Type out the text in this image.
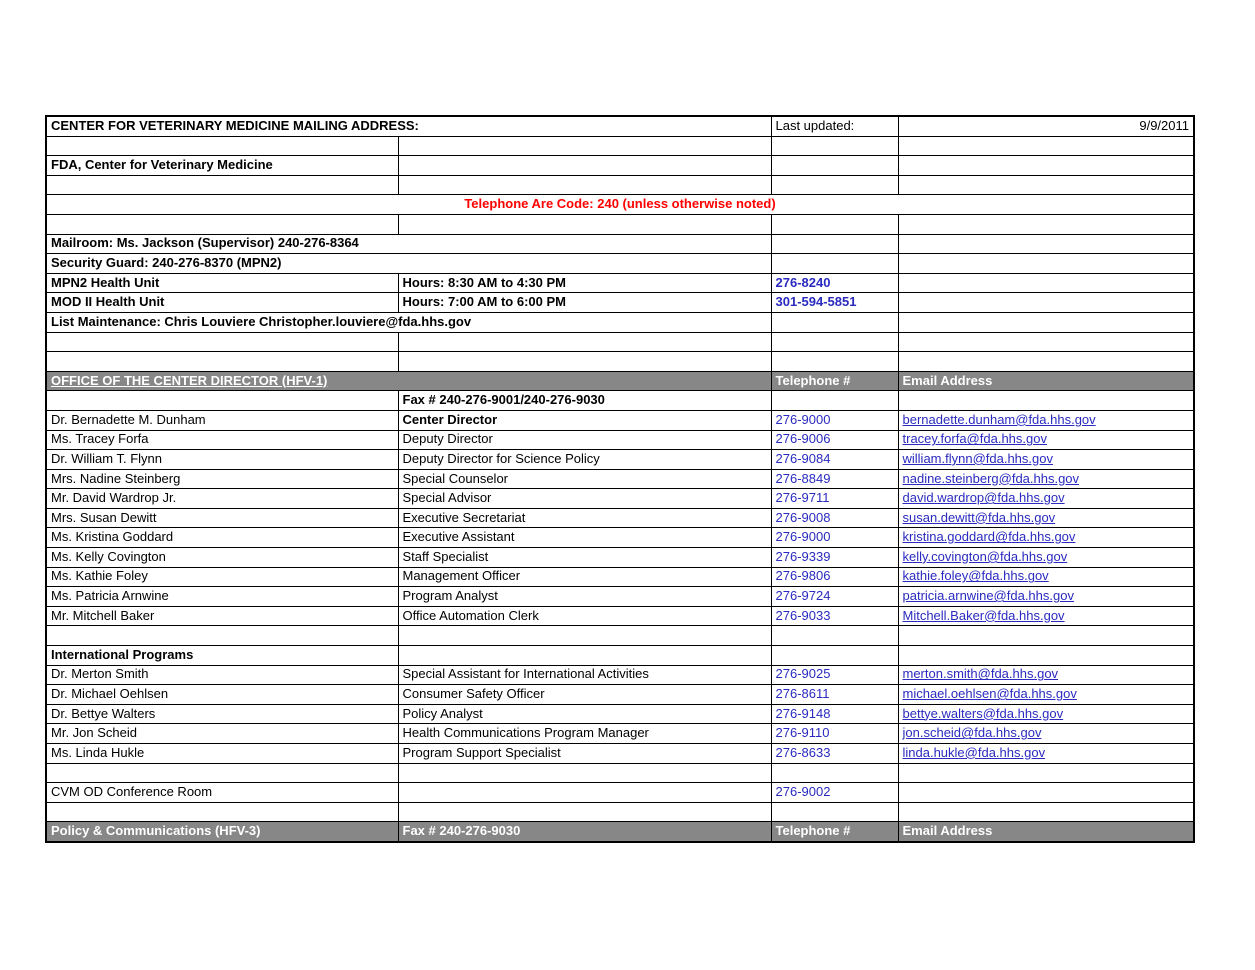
CENTER FOR VETERINARY MEDICINE MAILING ADDRESS:		Last updated:	9/9/2011

FDA, Center for Veterinary Medicine			

Telephone Are Code: 240 (unless otherwise noted)			

Mailroom: Ms. Jackson (Supervisor) 240-276-8364			
Security Guard: 240-276-8370 (MPN2)			
MPN2 Health Unit	Hours: 8:30 AM to 4:30 PM	276-8240	
MOD II Health Unit	Hours: 7:00 AM to 6:00 PM	301-594-5851	
List Maintenance: Chris Louviere Christopher.louviere@fda.hhs.gov			

OFFICE OF THE CENTER DIRECTOR (HFV-1)		Telephone #	Email Address
	Fax # 240-276-9001/240-276-9030		
Dr. Bernadette M. Dunham	Center Director	276-9000	bernadette.dunham@fda.hhs.gov
Ms. Tracey Forfa	Deputy Director	276-9006	tracey.forfa@fda.hhs.gov
Dr. William T. Flynn	Deputy Director for Science Policy	276-9084	william.flynn@fda.hhs.gov
Mrs. Nadine Steinberg	Special Counselor	276-8849	nadine.steinberg@fda.hhs.gov
Mr. David Wardrop Jr.	Special Advisor	276-9711	david.wardrop@fda.hhs.gov
Mrs. Susan Dewitt	Executive Secretariat	276-9008	susan.dewitt@fda.hhs.gov
Ms. Kristina Goddard	Executive Assistant	276-9000	kristina.goddard@fda.hhs.gov
Ms. Kelly Covington	Staff Specialist	276-9339	kelly.covington@fda.hhs.gov
Ms. Kathie Foley	Management Officer	276-9806	kathie.foley@fda.hhs.gov
Ms. Patricia Arnwine	Program Analyst	276-9724	patricia.arnwine@fda.hhs.gov
Mr. Mitchell Baker	Office Automation Clerk	276-9033	Mitchell.Baker@fda.hhs.gov

International Programs			
Dr. Merton Smith	Special Assistant for International Activities	276-9025	merton.smith@fda.hhs.gov
Dr. Michael Oehlsen	Consumer Safety Officer	276-8611	michael.oehlsen@fda.hhs.gov
Dr. Bettye Walters	Policy Analyst	276-9148	bettye.walters@fda.hhs.gov
Mr. Jon Scheid	Health Communications Program Manager	276-9110	jon.scheid@fda.hhs.gov
Ms. Linda Hukle	Program Support Specialist	276-8633	linda.hukle@fda.hhs.gov

CVM OD Conference Room		276-9002	

Policy & Communications (HFV-3)	Fax # 240-276-9030	Telephone #	Email Address
